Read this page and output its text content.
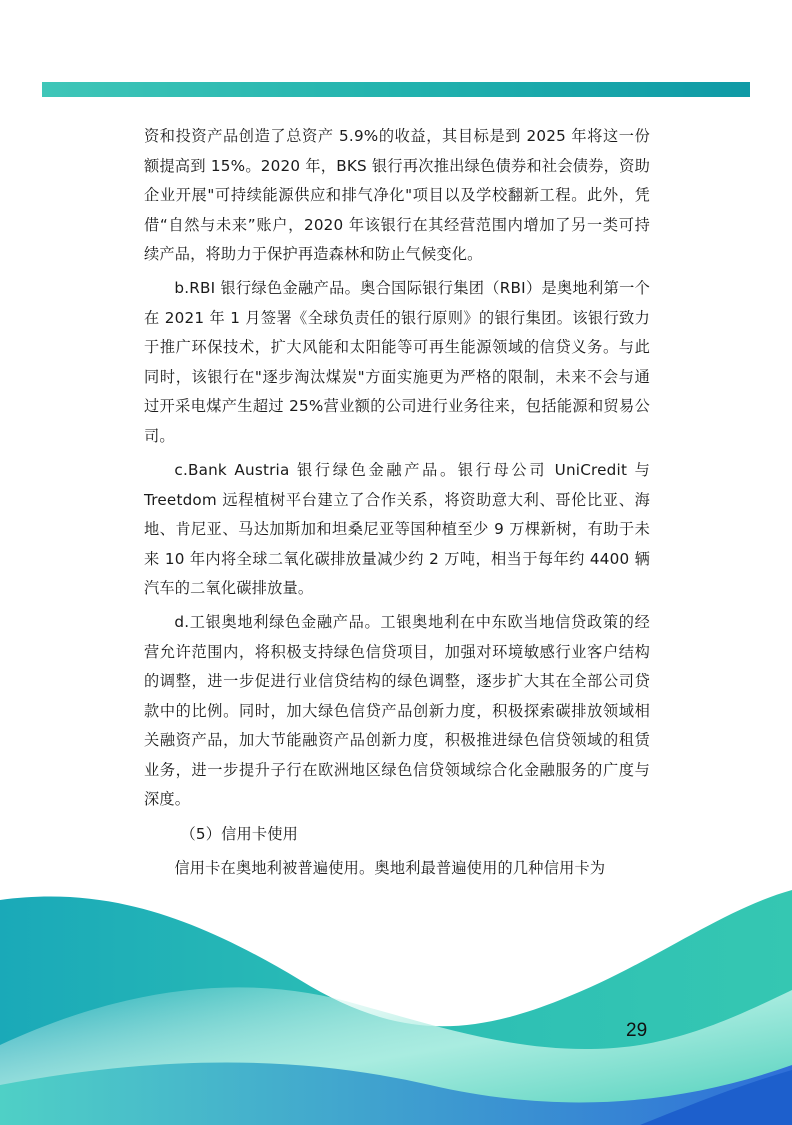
资和投资产品创造了总资产 5.9%的收益，其目标是到 2025 年将这一份额提高到 15%。2020 年，BKS 银行再次推出绿色债券和社会债券，资助企业开展"可持续能源供应和排气净化"项目以及学校翻新工程。此外，凭借“自然与未来”账户，2020 年该银行在其经营范围内增加了另一类可持续产品，将助力于保护再造森林和防止气候变化。

b.RBI 银行绿色金融产品。奥合国际银行集团（RBI）是奥地利第一个在 2021 年 1 月签署《全球负责任的银行原则》的银行集团。该银行致力于推广环保技术，扩大风能和太阳能等可再生能源领域的信贷义务。与此同时，该银行在"逐步淘汰煤炭"方面实施更为严格的限制，未来不会与通过开采电煤产生超过 25%营业额的公司进行业务往来，包括能源和贸易公司。

c.Bank Austria 银行绿色金融产品。银行母公司 UniCredit 与 Treetdom 远程植树平台建立了合作关系，将资助意大利、哥伦比亚、海地、肯尼亚、马达加斯加和坦桑尼亚等国种植至少 9 万棵新树，有助于未来 10 年内将全球二氧化碳排放量减少约 2 万吨，相当于每年约 4400 辆汽车的二氧化碳排放量。

d.工银奥地利绿色金融产品。工银奥地利在中东欧当地信贷政策的经营允许范围内，将积极支持绿色信贷项目，加强对环境敏感行业客户结构的调整，进一步促进行业信贷结构的绿色调整，逐步扩大其在全部公司贷款中的比例。同时，加大绿色信贷产品创新力度，积极探索碳排放领域相关融资产品，加大节能融资产品创新力度，积极推进绿色信贷领域的租赁业务，进一步提升子行在欧洲地区绿色信贷领域综合化金融服务的广度与深度。

（5）信用卡使用

信用卡在奥地利被普遍使用。奥地利最普遍使用的几种信用卡为

29
